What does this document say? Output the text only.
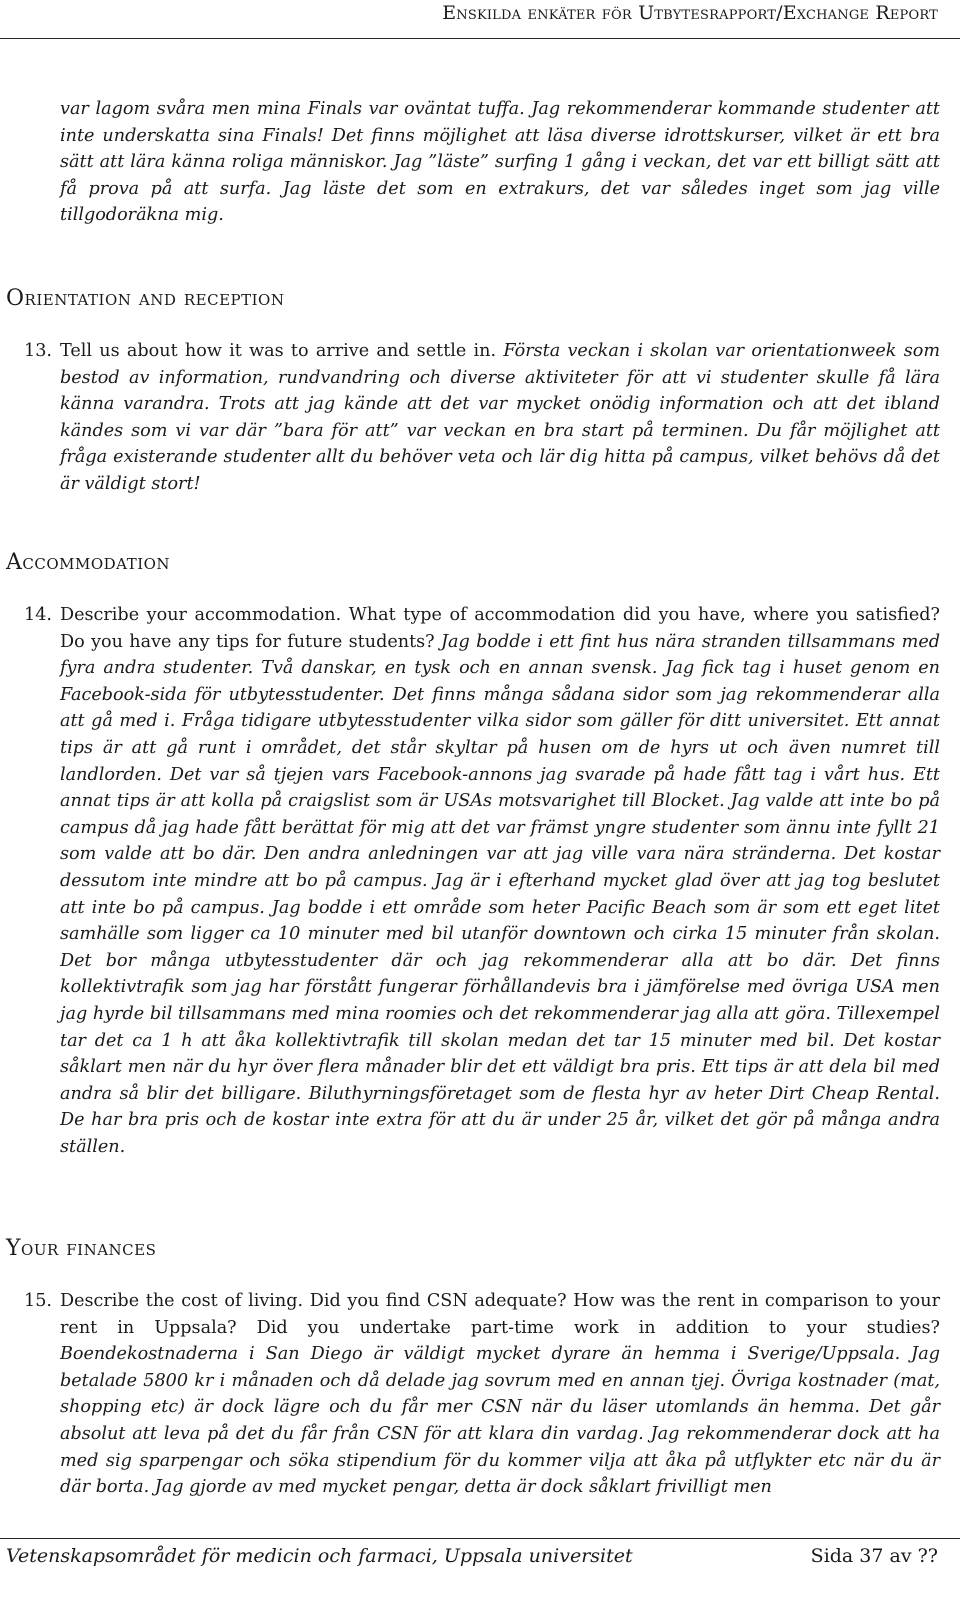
Enskilda enkäter för Utbytesrapport/Exchange Report

var lagom svåra men mina Finals var oväntat tuffa. Jag rekommenderar kommande studenter att inte underskatta sina Finals! Det finns möjlighet att läsa diverse idrottskurser, vilket är ett bra sätt att lära känna roliga människor. Jag ”läste” surfing 1 gång i veckan, det var ett billigt sätt att få prova på att surfa. Jag läste det som en extrakurs, det var således inget som jag ville tillgodoräkna mig.

Orientation and reception

13. Tell us about how it was to arrive and settle in. Första veckan i skolan var orientationweek som bestod av information, rundvandring och diverse aktiviteter för att vi studenter skulle få lära känna varandra. Trots att jag kände att det var mycket onödig information och att det ibland kändes som vi var där ”bara för att” var veckan en bra start på terminen. Du får möjlighet att fråga existerande studenter allt du behöver veta och lär dig hitta på campus, vilket behövs då det är väldigt stort!

Accommodation

14. Describe your accommodation. What type of accommodation did you have, where you satisfied? Do you have any tips for future students? Jag bodde i ett fint hus nära stranden tillsammans med fyra andra studenter. Två danskar, en tysk och en annan svensk. Jag fick tag i huset genom en Facebook-sida för utbytesstudenter. Det finns många sådana sidor som jag rekommenderar alla att gå med i. Fråga tidigare utbytesstudenter vilka sidor som gäller för ditt universitet. Ett annat tips är att gå runt i området, det står skyltar på husen om de hyrs ut och även numret till landlorden. Det var så tjejen vars Facebook-annons jag svarade på hade fått tag i vårt hus. Ett annat tips är att kolla på craigslist som är USAs motsvarighet till Blocket. Jag valde att inte bo på campus då jag hade fått berättat för mig att det var främst yngre studenter som ännu inte fyllt 21 som valde att bo där. Den andra anledningen var att jag ville vara nära stränderna. Det kostar dessutom inte mindre att bo på campus. Jag är i efterhand mycket glad över att jag tog beslutet att inte bo på campus. Jag bodde i ett område som heter Pacific Beach som är som ett eget litet samhälle som ligger ca 10 minuter med bil utanför downtown och cirka 15 minuter från skolan. Det bor många utbytesstudenter där och jag rekommenderar alla att bo där. Det finns kollektivtrafik som jag har förstått fungerar förhållandevis bra i jämförelse med övriga USA men jag hyrde bil tillsammans med mina roomies och det rekommenderar jag alla att göra. Tillexempel tar det ca 1 h att åka kollektivtrafik till skolan medan det tar 15 minuter med bil. Det kostar såklart men när du hyr över flera månader blir det ett väldigt bra pris. Ett tips är att dela bil med andra så blir det billigare. Biluthyrningsföretaget som de flesta hyr av heter Dirt Cheap Rental. De har bra pris och de kostar inte extra för att du är under 25 år, vilket det gör på många andra ställen.

Your finances

15. Describe the cost of living. Did you find CSN adequate? How was the rent in comparison to your rent in Uppsala? Did you undertake part-time work in addition to your studies? Boendekostnaderna i San Diego är väldigt mycket dyrare än hemma i Sverige/Uppsala. Jag betalade 5800 kr i månaden och då delade jag sovrum med en annan tjej. Övriga kostnader (mat, shopping etc) är dock lägre och du får mer CSN när du läser utomlands än hemma. Det går absolut att leva på det du får från CSN för att klara din vardag. Jag rekommenderar dock att ha med sig sparpengar och söka stipendium för du kommer vilja att åka på utflykter etc när du är där borta. Jag gjorde av med mycket pengar, detta är dock såklart frivilligt men

Vetenskapsområdet för medicin och farmaci, Uppsala universitet	Sida 37 av ??
